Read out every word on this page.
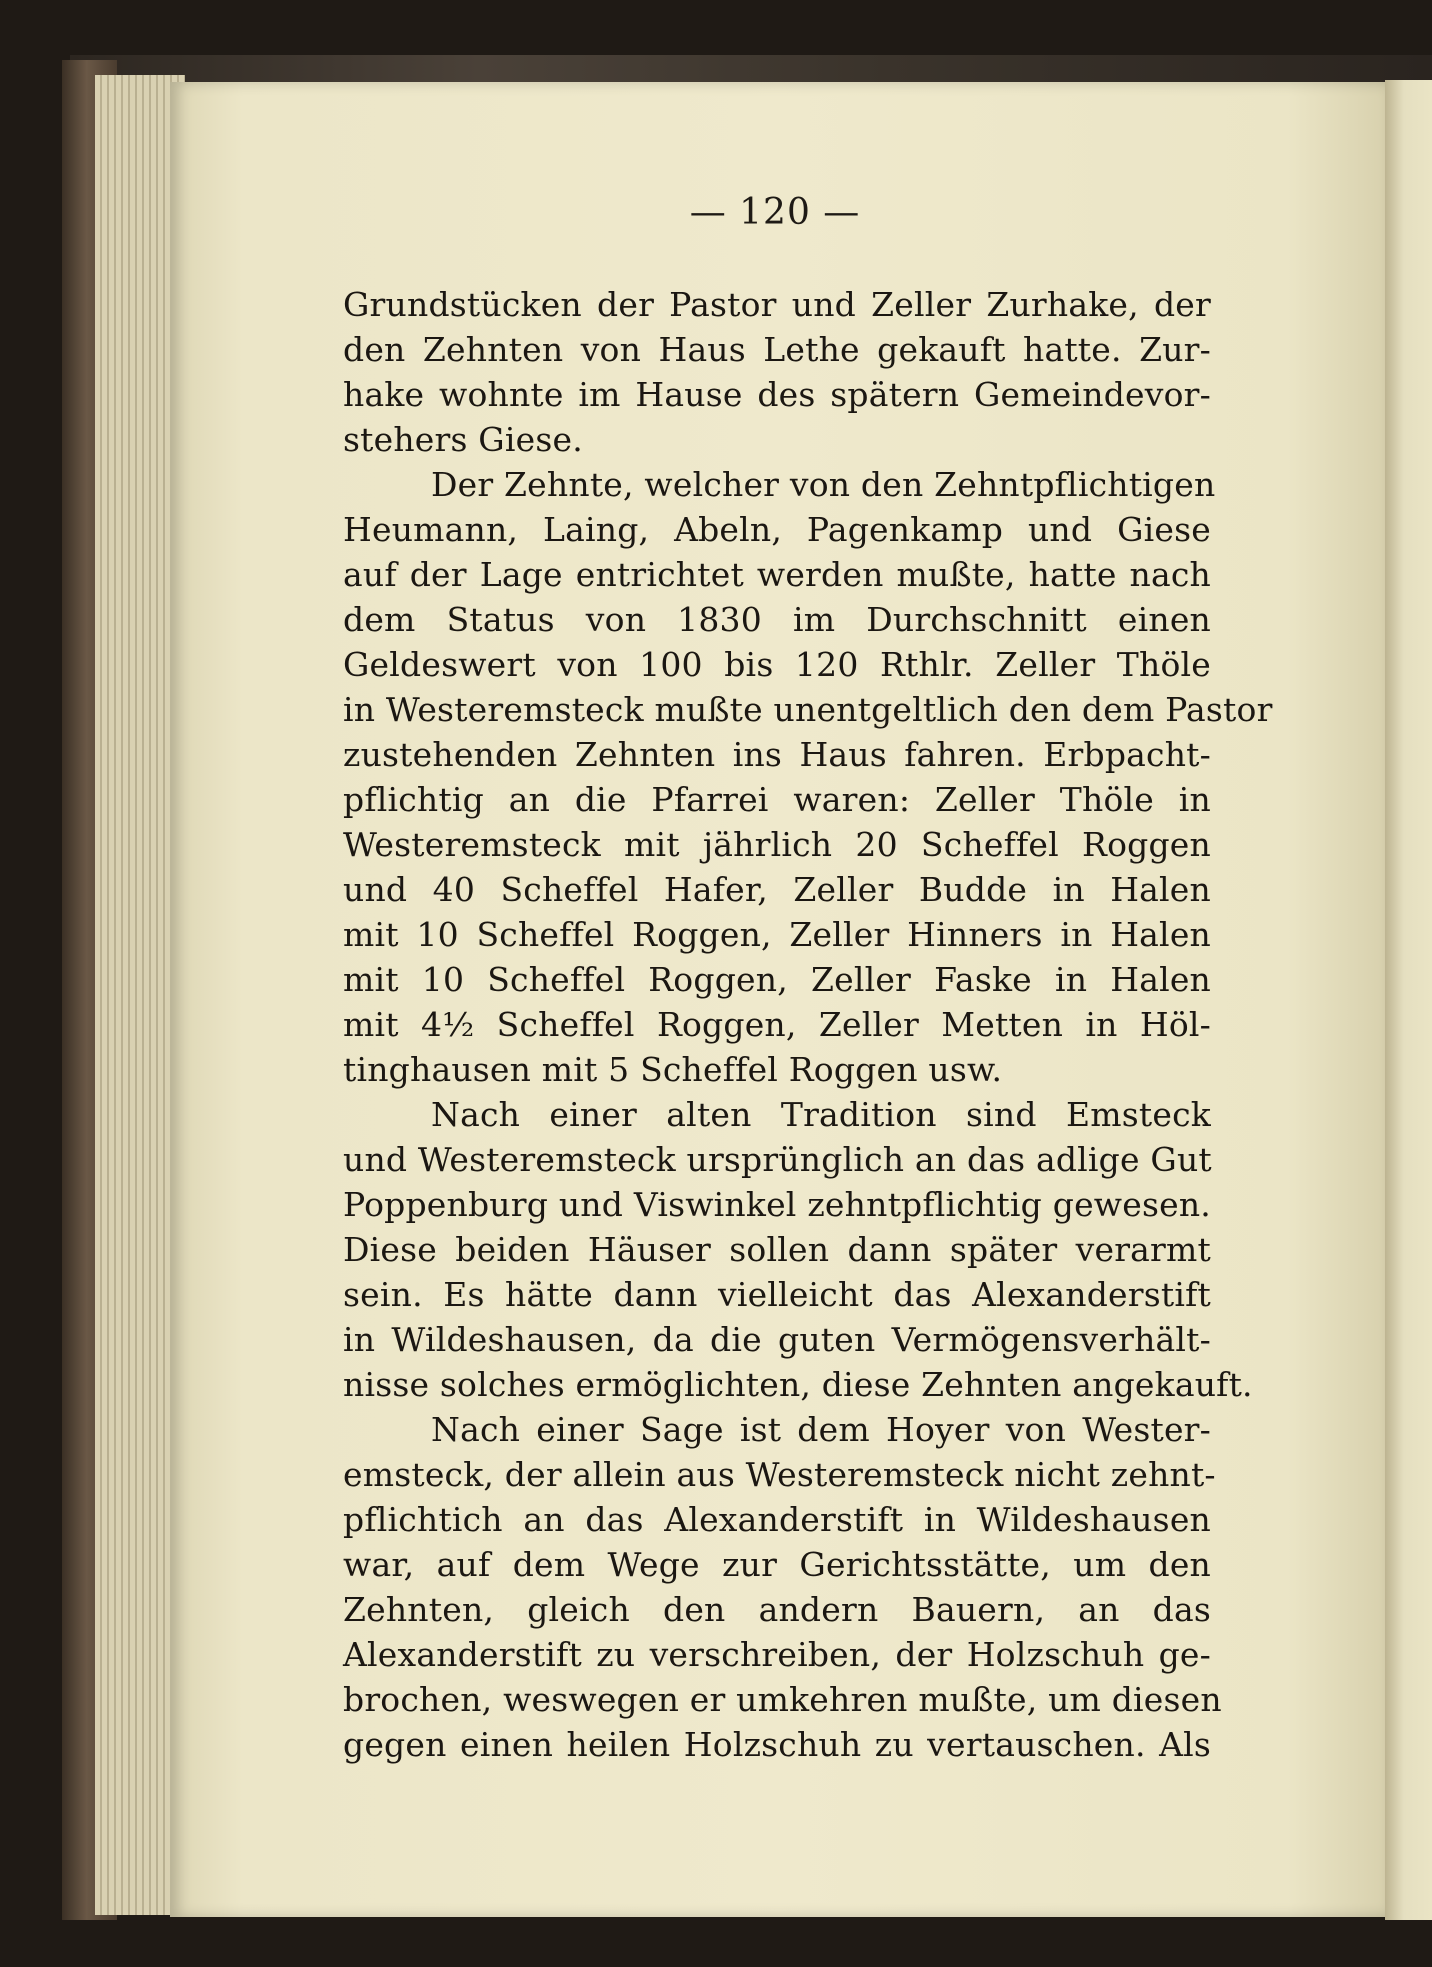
— 120 —
Grundstücken der Pastor und Zeller Zurhake, der
den Zehnten von Haus Lethe gekauft hatte. Zur-
hake wohnte im Hause des spätern Gemeindevor-
stehers Giese.
Der Zehnte, welcher von den Zehntpflichtigen
Heumann, Laing, Abeln, Pagenkamp und Giese
auf der Lage entrichtet werden mußte, hatte nach
dem Status von 1830 im Durchschnitt einen
Geldeswert von 100 bis 120 Rthlr. Zeller Thöle
in Westeremsteck mußte unentgeltlich den dem Pastor
zustehenden Zehnten ins Haus fahren. Erbpacht-
pflichtig an die Pfarrei waren: Zeller Thöle in
Westeremsteck mit jährlich 20 Scheffel Roggen
und 40 Scheffel Hafer, Zeller Budde in Halen
mit 10 Scheffel Roggen, Zeller Hinners in Halen
mit 10 Scheffel Roggen, Zeller Faske in Halen
mit 4½ Scheffel Roggen, Zeller Metten in Höl-
tinghausen mit 5 Scheffel Roggen usw.
Nach einer alten Tradition sind Emsteck
und Westeremsteck ursprünglich an das adlige Gut
Poppenburg und Viswinkel zehntpflichtig gewesen.
Diese beiden Häuser sollen dann später verarmt
sein. Es hätte dann vielleicht das Alexanderstift
in Wildeshausen, da die guten Vermögensverhält-
nisse solches ermöglichten, diese Zehnten angekauft.
Nach einer Sage ist dem Hoyer von Wester-
emsteck, der allein aus Westeremsteck nicht zehnt-
pflichtich an das Alexanderstift in Wildeshausen
war, auf dem Wege zur Gerichtsstätte, um den
Zehnten, gleich den andern Bauern, an das
Alexanderstift zu verschreiben, der Holzschuh ge-
brochen, weswegen er umkehren mußte, um diesen
gegen einen heilen Holzschuh zu vertauschen. Als
